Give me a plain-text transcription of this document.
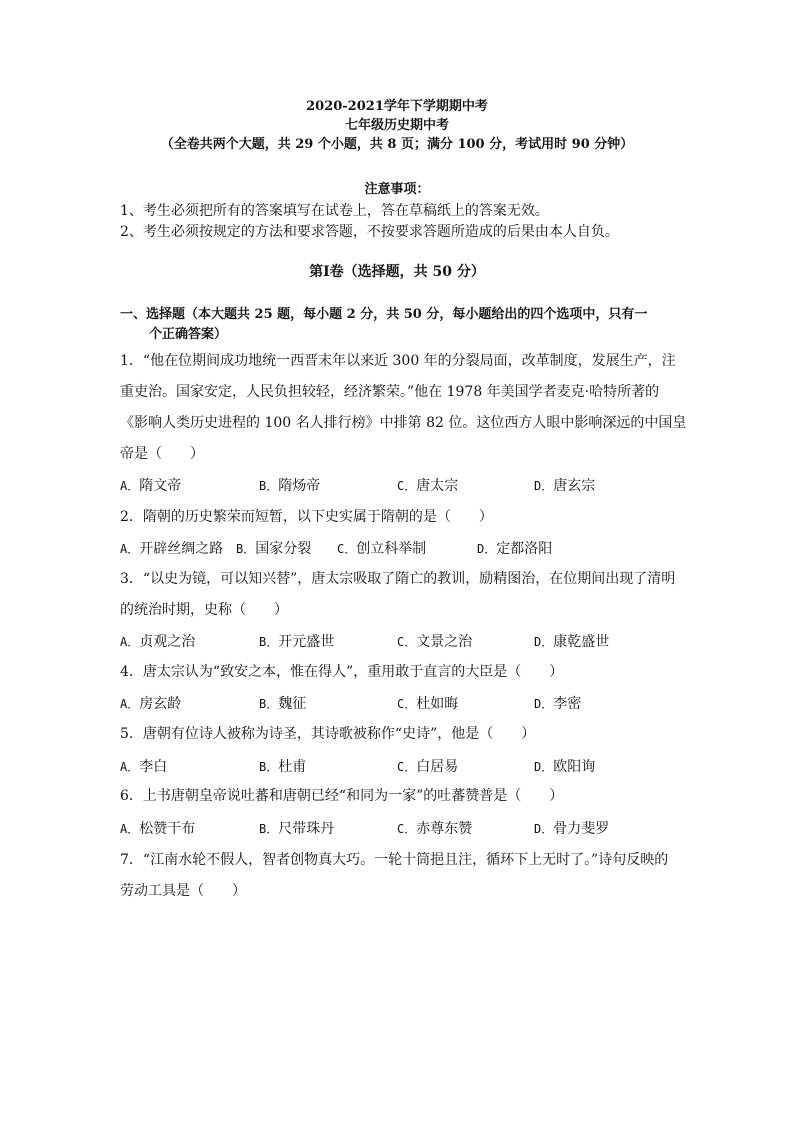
2020-2021学年下学期期中考
七年级历史期中考
（全卷共两个大题，共 29 个小题，共 8 页；满分 100 分，考试用时 90 分钟）
注意事项：
1、考生必须把所有的答案填写在试卷上，答在草稿纸上的答案无效。
2、考生必须按规定的方法和要求答题，不按要求答题所造成的后果由本人自负。
第Ⅰ卷（选择题，共 50 分）
一、选择题（本大题共 25 题，每小题 2 分，共 50 分，每小题给出的四个选项中，只有一
个正确答案）
1．“他在位期间成功地统一西晋末年以来近 300 年的分裂局面，改革制度，发展生产，注
重吏治。国家安定，人民负担较轻，经济繁荣。”他在 1978 年美国学者麦克·哈特所著的
《影响人类历史进程的 100 名人排行榜》中排第 82 位。这位西方人眼中影响深远的中国皇
帝是（　　）
A．隋文帝	B．隋炀帝	C．唐太宗	D．唐玄宗
2．隋朝的历史繁荣而短暂，以下史实属于隋朝的是（　　）
A．开辟丝绸之路 B．国家分裂 C．创立科举制	D．定都洛阳
3．“以史为镜，可以知兴替”，唐太宗吸取了隋亡的教训，励精图治，在位期间出现了清明
的统治时期，史称（　　）
A．贞观之治	B．开元盛世	C．文景之治	D．康乾盛世
4．唐太宗认为“致安之本，惟在得人”，重用敢于直言的大臣是（　　）
A．房玄龄	B．魏征	C．杜如晦	D．李密
5．唐朝有位诗人被称为诗圣，其诗歌被称作“史诗”，他是（　　）
A．李白	B．杜甫	C．白居易	D．欧阳询
6．上书唐朝皇帝说吐蕃和唐朝已经“和同为一家”的吐蕃赞普是（　　）
A．松赞干布	B．尺带珠丹	C．赤尊东赞	D．骨力斐罗
7．“江南水轮不假人，智者创物真大巧。一轮十筒挹且注，循环下上无时了。”诗句反映的
劳动工具是（　　）
